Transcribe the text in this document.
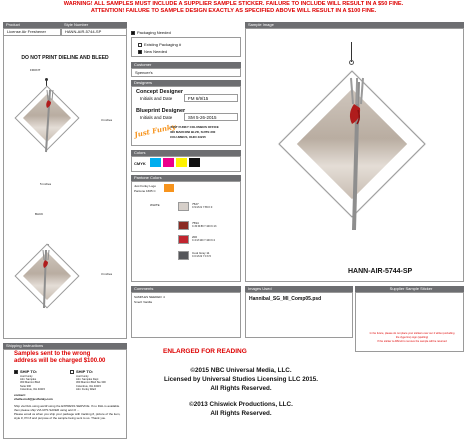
WARNING! ALL SAMPLES MUST INCLUDE A SUPPLIER SAMPLE STICKER. FAILURE TO INCLUDE WILL RESULT IN A $50 FINE.
ATTENTION! FAILURE TO SAMPLE DESIGN EXACTLY AS SPECIFIED ABOVE WILL RESULT IN A $100 FINE.
Product	Style Number
License Air Freshener	HANN-AIR-5744-SP
DO NOT PRINT DIELINE AND BLEED
FRONT
3 inches
5 inches
BACK
3 inches
Packaging Needed
Existing Packaging #
New Needed
Customer
Spencer's
Designers
Concept Designer
Initials and Date	FM 6/9/15
Blueprint Designer
Initials and Date	SM 5-26-2015
Just Funky
JUST FUNKY COLUMBUS OFFICE
300 MARCONI BLVD, SUITE 300
COLUMBUS, OHIO 43215
Colors
CMYK
Pantone Colors
Just Funky Logo
Pantone 1665 C
WHITE	7527
C:9 M:21 Y:65 K:0
7594
C:30 M:89 Y:100 K:13
200
C:4 M:100 Y:100 K:2
Cool Gray 11
C:0 M:22 Y:0 K:5
Sample Image
HANN-AIR-5744-SP
Comments
SAMPLES NEEDED: 4
Smell: Vanilla
Images Used
Hannibal_SG_MI_Comp05.psd
Supplier Sample Sticker
In the future, please do not place your stickers over our 2 white (excluding the dyge line) sign (spelling)
If the sticker is difficult to remove the sample will be returned
Shipping Instructions
Samples sent to the wrong
address will be charged $100.00
SHIP TO:
Just Funky
Attn: Samples
300 Marconi Blvd
Suite 300
Columbus, OH 43215
SHIP TO:
Just Funky
Attn: Samples Dept
300 Marconi Blvd Ste 300
Columbus, OH 43215
Attn: Funky Ward
contact:
chelle.molt@justfunky.com
Ship via DHL using acct# using the EXPRESS SERVICE. If no DHL is available then please ship VIA UPS SAVER using acct # ...
Please email us when you ship your package with tracking #, picture of the item, style #, PO # and purpose of the sample being sent to us. Thank you.
ENLARGED FOR READING
©2015 NBC Universal Media, LLC.
Licensed by Universal Studios Licensing LLC 2015.
All Rights Reserved.
©2013 Chiswick Productions, LLC.
All Rights Reserved.
